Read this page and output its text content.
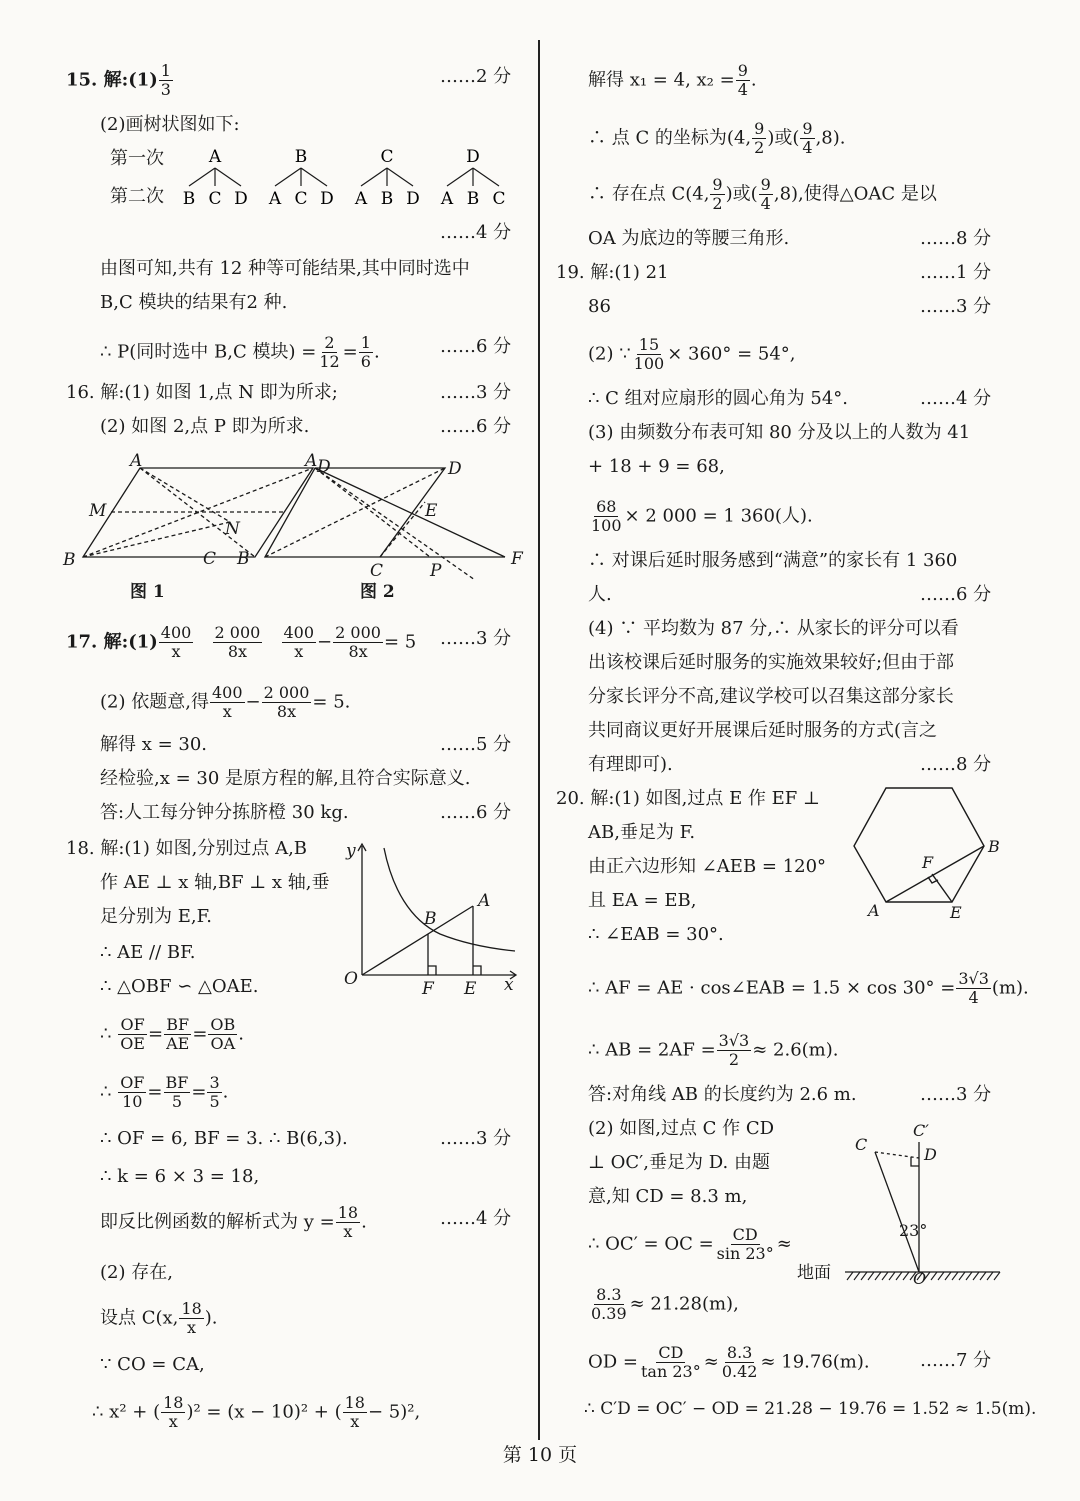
15. 解:(1) $\frac{1}{3}$	……2 分
(2)画树状图如下:
第一次
第二次
A
B C D
B
A C D
C
A B D
D
A B C
……4 分
由图可知,共有 12 种等可能结果,其中同时选中
B,C 模块的结果有2 种.
∴ P(同时选中 B,C 模块) = $\frac{2}{12} = \frac{1}{6}$ .	……6 分
16. 解:(1) 如图 1,点 N 即为所求;	……3 分
(2) 如图 2,点 P 即为所求.	……6 分
A	D
M
N
B	C
A	D
E
B
C	P
F
图 1	图 2
17. 解:(1) $\frac{400}{x}$
$\frac{2 000}{8x}$
$\frac{400}{x} - \frac{2 000}{8x} = 5$ ……3 分
(2) 依题意,得 $\frac{400}{x} - \frac{2 000}{8x} = 5$.
解得 x = 30.	……5 分
经检验,x = 30 是原方程的解,且符合实际意义.
答:人工每分钟分拣脐橙 30 kg.	……6 分
18. 解:(1) 如图,分别过点 A,B
作 AE ⊥ x 轴,BF ⊥ x 轴,垂
足分别为 E,F.
∴ AE // BF.
∴ △OBF ∽ △OAE.
y
A
B
O	F E x
∴ $\frac{OF}{OE} = \frac{BF}{AE} = \frac{OB}{OA}$ .
∴ $\frac{OF}{10} = \frac{BF}{5} = \frac{3}{5}$ .
∴ OF = 6, BF = 3. ∴ B(6,3).	……3 分
∴ k = 6 × 3 = 18,
即反比例函数的解析式为 $y = \frac{18}{x}$ .	……4 分
(2) 存在,
设点 C(x, $\frac{18}{x}$ ).
∵ CO = CA,
∴ x² + ( $\frac{18}{x} )^2 = (x - 10)^2$ + ( $\frac{18}{x} - 5)^2$,
解得 x₁ = 4, $x_2 = \frac{9}{4}$ .
∴ 点 C 的坐标为(4, $\frac{9}{2}$ )或( $\frac{9}{4} ,8$).
∴ 存在点 C(4, $\frac{9}{2}$ )或( $\frac{9}{4} ,8$),使得△OAC 是以
OA 为底边的等腰三角形.	……8 分
19. 解:(1) 21	……1 分
86	……3 分
(2) ∵ $\frac{15}{100} \times 360^\circ = 54^\circ$,
∴ C 组对应扇形的圆心角为 54°.	……4 分
(3) 由频数分布表可知 80 分及以上的人数为 41
+ 18 + 9 = 68,
$\frac{68}{100} \times 2$ 000 = 1 360(人).
∴ 对课后延时服务感到“满意”的家长有 1 360
人.	……6 分
(4) ∵ 平均数为 87 分,∴ 从家长的评分可以看
出该校课后延时服务的实施效果较好;但由于部
分家长评分不高,建议学校可以召集这部分家长
共同商议更好开展课后延时服务的方式(言之
有理即可).	……8 分
20. 解:(1) 如图,过点 E 作 EF ⊥
AB,垂足为 F.
由正六边形知 ∠AEB = 120°
且 EA = EB,
∴ ∠EAB = 30°.
F
B
A	E
∴ AF = AE · cos∠EAB = $1.5 \times \cos 30^\circ = \frac{3√3}{4} (m)$.
∴ AB = $2AF = \frac{3√3}{2} \approx 2.6(m)$.
答:对角线 AB 的长度约为 2.6 m.	……3 分
(2) 如图,过点 C 作 CD
⊥ OC′,垂足为 D. 由题
意,知 CD = 8.3 m,
∴ OC′ = OC = $\frac{CD}{\sin 23^\circ}$ ≈
C
C′
D
23°
O
地面
$\frac{8.3}{0.39} \approx 21.28(m)$,
OD = $\frac{CD}{\tan 23^\circ} \approx \frac{8.3}{0.42} \approx 19.76(m)$.	……7 分
∴ C′D = OC′ − OD = 21.28 − 19.76 = 1.52 ≈ 1.5(m).
第 10 页
